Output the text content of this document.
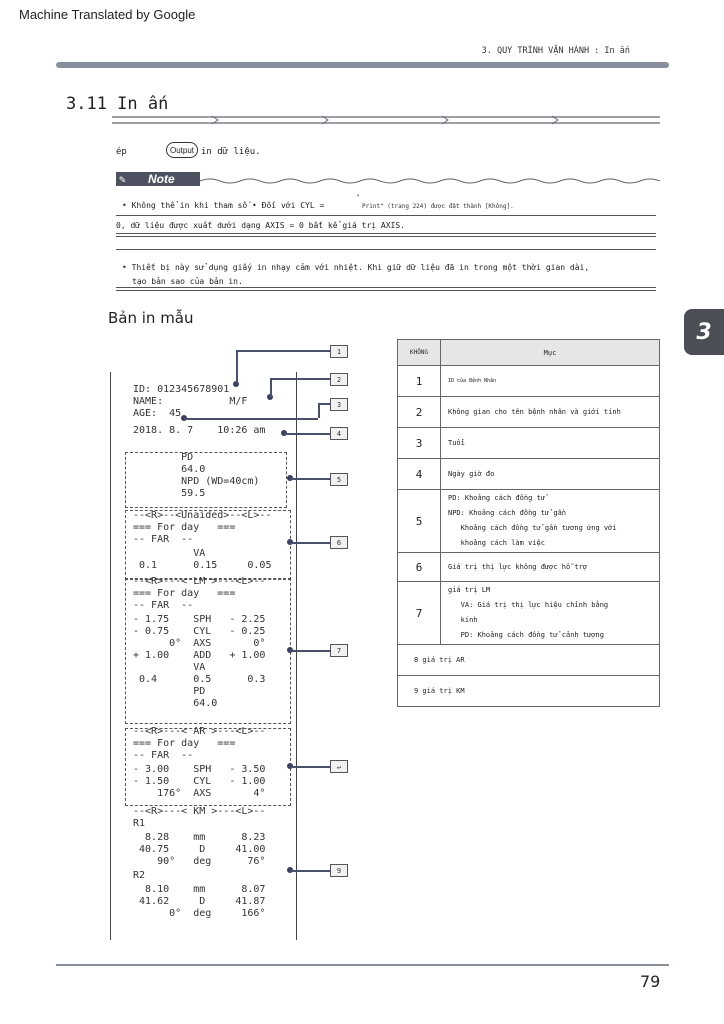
Machine Translated by Google
3. QUY TRÌNH VẬN HÀNH : In ấn
3
3.11 In ấn
ép	Output in dữ liệu.
✎ Note
• Không thể in khi tham số • Đối với CYL =
"
Print" (trang 224) được đặt thành [Không].
0, dữ liệu được xuất dưới dạng AXIS = 0 bất kể giá trị AXIS.
• Thiết bị này sử dụng giấy in nhạy cảm với nhiệt. Khi giữ dữ liệu đã in trong một thời gian dài,
tạo bản sao của bản in.
Bản in mẫu
ID: 012345678901
NAME:           M/F
AGE:  45
2018. 8. 7    10:26 am
PD
64.0
NPD (WD=40cm)
59.5
--<R>--<Unaided>--<L>--
=== For day   ===
-- FAR  --
VA
0.1      0.15     0.05
--<R>---< LM >---<L>--
=== For day   ===
-- FAR  --
- 1.75    SPH   - 2.25
- 0.75    CYL   - 0.25
0°  AXS       0°
+ 1.00    ADD   + 1.00
VA
0.4      0.5      0.3
PD
64.0
--<R>---< AR >---<L>--
=== For day   ===
-- FAR  --
- 3.00    SPH   - 3.50
- 1.50    CYL   - 1.00
176°  AXS       4°
--<R>---< KM >---<L>--
R1
8.28    mm      8.23
40.75     D     41.00
90°   deg      76°
R2
8.10    mm      8.07
41.62     D     41.87
0°  deg     166°
1
2
3
4
5
6
7
↵
9
KHÔNG	Mục
1	ID của Bệnh Nhân

2	Không gian cho tên bệnh nhân và giới tính

3	Tuổi

4	Ngày giờ đo

5	PD: Khoảng cách đồng tử
NPD: Khoảng cách đồng tử gần
Khoảng cách đồng tử gần tương ứng với
khoảng cách làm việc

6	Giá trị thị lực không được hỗ trợ

7	giá trị LM
VA: Giá trị thị lực hiệu chỉnh bằng
kính
PD: Khoảng cách đồng tử cảnh tượng

8 giá trị AR	
9 giá trị KM	
79
